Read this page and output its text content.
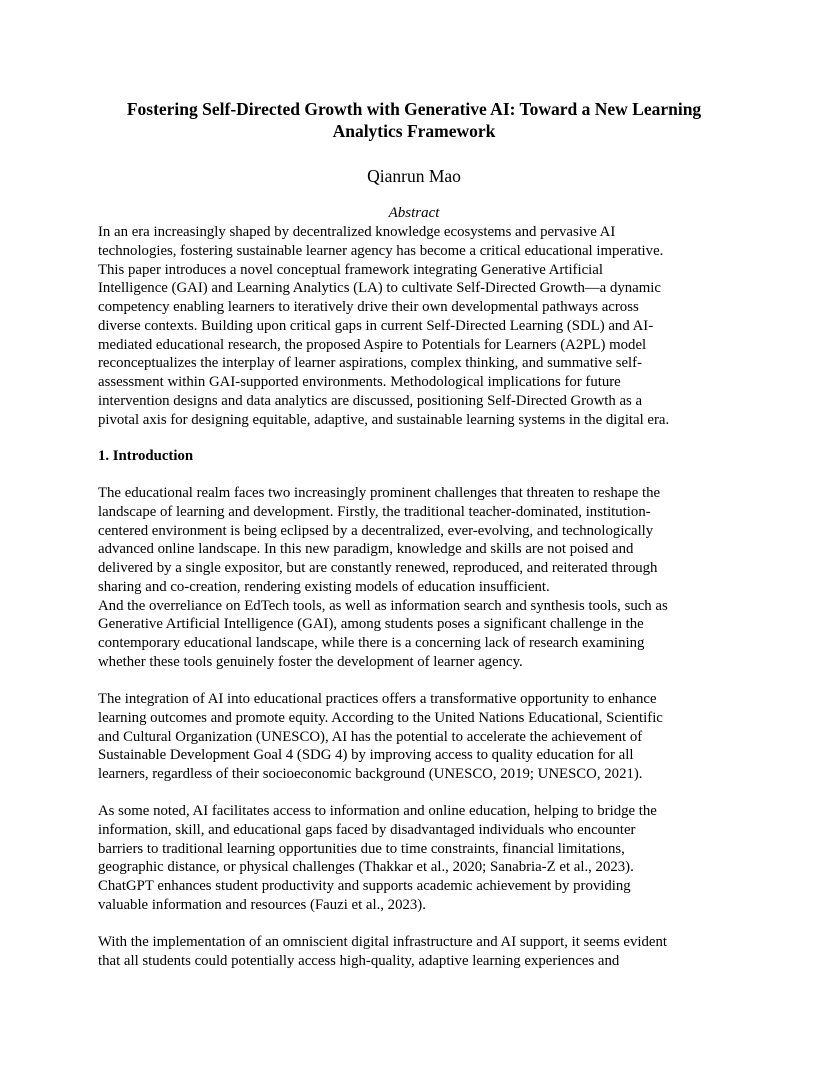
Fostering Self-Directed Growth with Generative AI: Toward a New Learning
Analytics Framework
Qianrun Mao
Abstract

In an era increasingly shaped by decentralized knowledge ecosystems and pervasive AI
technologies, fostering sustainable learner agency has become a critical educational imperative.
This paper introduces a novel conceptual framework integrating Generative Artificial
Intelligence (GAI) and Learning Analytics (LA) to cultivate Self-Directed Growth—a dynamic
competency enabling learners to iteratively drive their own developmental pathways across
diverse contexts. Building upon critical gaps in current Self-Directed Learning (SDL) and AI-
mediated educational research, the proposed Aspire to Potentials for Learners (A2PL) model
reconceptualizes the interplay of learner aspirations, complex thinking, and summative self-
assessment within GAI-supported environments. Methodological implications for future
intervention designs and data analytics are discussed, positioning Self-Directed Growth as a
pivotal axis for designing equitable, adaptive, and sustainable learning systems in the digital era.

1. Introduction

The educational realm faces two increasingly prominent challenges that threaten to reshape the
landscape of learning and development. Firstly, the traditional teacher-dominated, institution-
centered environment is being eclipsed by a decentralized, ever-evolving, and technologically
advanced online landscape. In this new paradigm, knowledge and skills are not poised and
delivered by a single expositor, but are constantly renewed, reproduced, and reiterated through
sharing and co-creation, rendering existing models of education insufficient.
And the overreliance on EdTech tools, as well as information search and synthesis tools, such as
Generative Artificial Intelligence (GAI), among students poses a significant challenge in the
contemporary educational landscape, while there is a concerning lack of research examining
whether these tools genuinely foster the development of learner agency.

The integration of AI into educational practices offers a transformative opportunity to enhance
learning outcomes and promote equity. According to the United Nations Educational, Scientific
and Cultural Organization (UNESCO), AI has the potential to accelerate the achievement of
Sustainable Development Goal 4 (SDG 4) by improving access to quality education for all
learners, regardless of their socioeconomic background (UNESCO, 2019; UNESCO, 2021).

As some noted, AI facilitates access to information and online education, helping to bridge the
information, skill, and educational gaps faced by disadvantaged individuals who encounter
barriers to traditional learning opportunities due to time constraints, financial limitations,
geographic distance, or physical challenges (Thakkar et al., 2020; Sanabria-Z et al., 2023).
ChatGPT enhances student productivity and supports academic achievement by providing
valuable information and resources (Fauzi et al., 2023).

With the implementation of an omniscient digital infrastructure and AI support, it seems evident
that all students could potentially access high-quality, adaptive learning experiences and
